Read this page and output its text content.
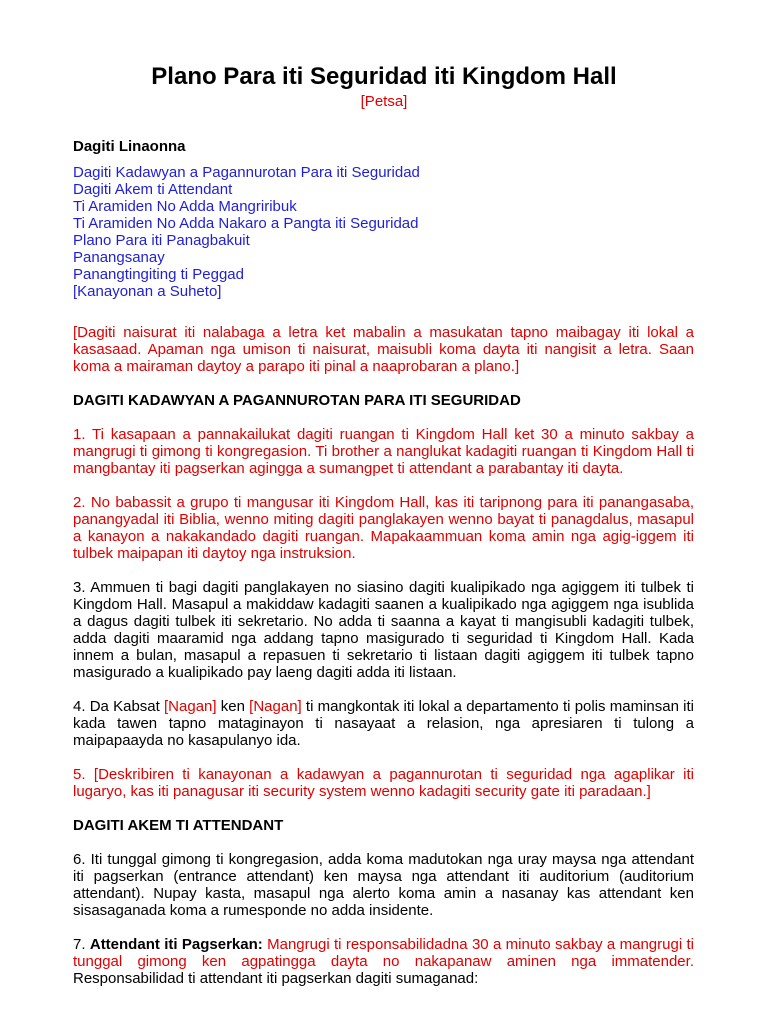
Plano Para iti Seguridad iti Kingdom Hall
[Petsa]

Dagiti Linaonna

Dagiti Kadawyan a Pagannurotan Para iti Seguridad
Dagiti Akem ti Attendant
Ti Aramiden No Adda Mangriribuk
Ti Aramiden No Adda Nakaro a Pangta iti Seguridad
Plano Para iti Panagbakuit
Panangsanay
Panangtingiting ti Peggad
[Kanayonan a Suheto]

[Dagiti naisurat iti nalabaga a letra ket mabalin a masukatan tapno maibagay iti lokal a kasasaad. Apaman nga umison ti naisurat, maisubli koma dayta iti nangisit a letra. Saan koma a mairaman daytoy a parapo iti pinal a naaprobaran a plano.]

DAGITI KADAWYAN A PAGANNUROTAN PARA ITI SEGURIDAD

1. Ti kasapaan a pannakailukat dagiti ruangan ti Kingdom Hall ket 30 a minuto sakbay a mangrugi ti gimong ti kongregasion. Ti brother a nanglukat kadagiti ruangan ti Kingdom Hall ti mangbantay iti pagserkan agingga a sumangpet ti attendant a parabantay iti dayta.

2. No babassit a grupo ti mangusar iti Kingdom Hall, kas iti taripnong para iti panangasaba, panangyadal iti Biblia, wenno miting dagiti panglakayen wenno bayat ti panagdalus, masapul a kanayon a nakakandado dagiti ruangan. Mapakaammuan koma amin nga agig-iggem iti tulbek maipapan iti daytoy nga instruksion.

3. Ammuen ti bagi dagiti panglakayen no siasino dagiti kualipikado nga agiggem iti tulbek ti Kingdom Hall. Masapul a makiddaw kadagiti saanen a kualipikado nga agiggem nga isublida a dagus dagiti tulbek iti sekretario. No adda ti saanna a kayat ti mangisubli kadagiti tulbek, adda dagiti maaramid nga addang tapno masigurado ti seguridad ti Kingdom Hall. Kada innem a bulan, masapul a repasuen ti sekretario ti listaan dagiti agiggem iti tulbek tapno masigurado a kualipikado pay laeng dagiti adda iti listaan.

4. Da Kabsat [Nagan] ken [Nagan] ti mangkontak iti lokal a departamento ti polis maminsan iti kada tawen tapno mataginayon ti nasayaat a relasion, nga apresiaren ti tulong a maipapaayda no kasapulanyo ida.

5. [Deskribiren ti kanayonan a kadawyan a pagannurotan ti seguridad nga agaplikar iti lugaryo, kas iti panagusar iti security system wenno kadagiti security gate iti paradaan.]

DAGITI AKEM TI ATTENDANT

6. Iti tunggal gimong ti kongregasion, adda koma madutokan nga uray maysa nga attendant iti pagserkan (entrance attendant) ken maysa nga attendant iti auditorium (auditorium attendant). Nupay kasta, masapul nga alerto koma amin a nasanay kas attendant ken sisasaganada koma a rumesponde no adda insidente.

7. Attendant iti Pagserkan: Mangrugi ti responsabilidadna 30 a minuto sakbay a mangrugi ti tunggal gimong ken agpatingga dayta no nakapanaw aminen nga immatender. Responsabilidad ti attendant iti pagserkan dagiti sumaganad:
